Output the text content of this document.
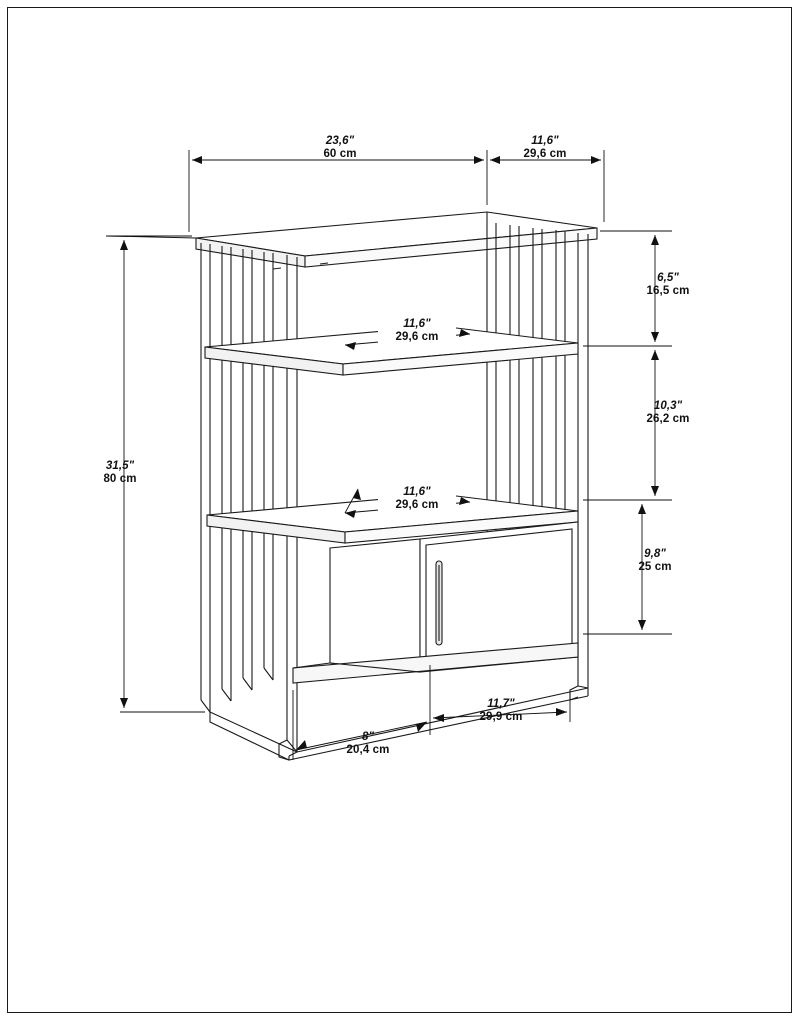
23,6"
60 cm
11,6"
29,6 cm
31,5"
80 cm
6,5"
16,5 cm
10,3"
26,2 cm
9,8"
25 cm
11,6"
29,6 cm
11,6"
29,6 cm
8"
20,4 cm
11,7"
29,9 cm
